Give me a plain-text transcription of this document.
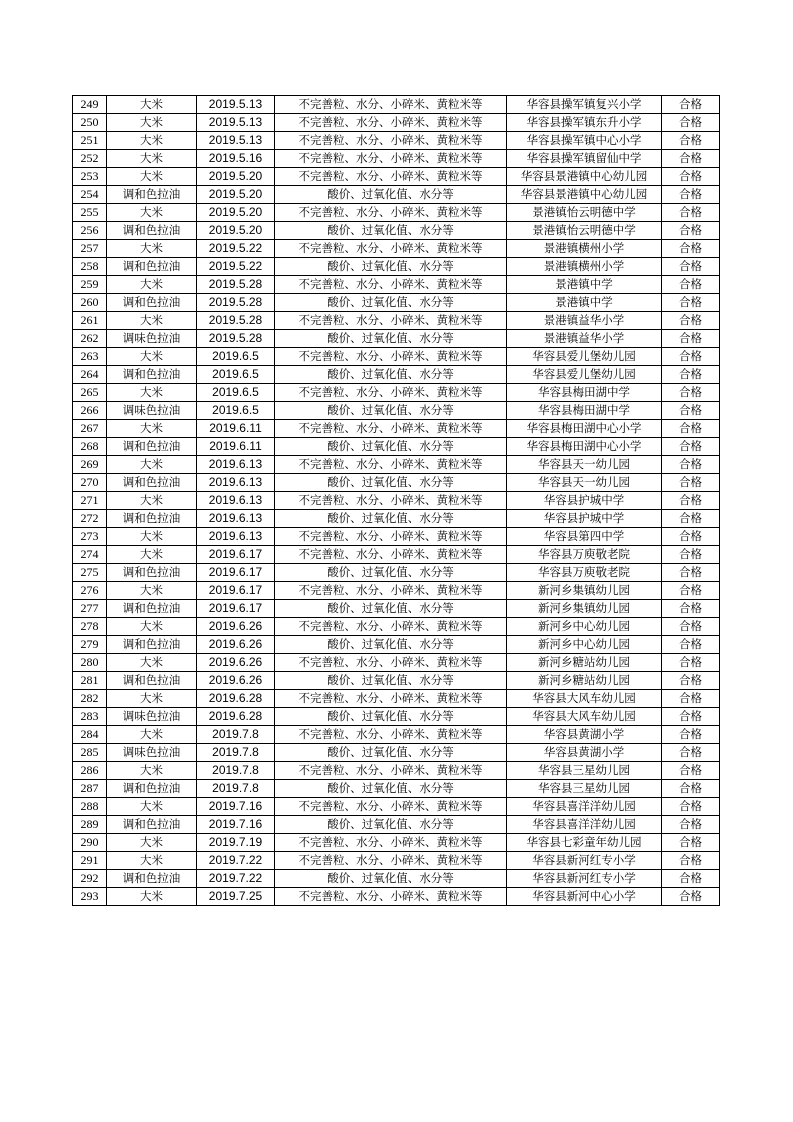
249	大米	2019.5.13	不完善粒、水分、小碎米、黄粒米等	华容县操军镇复兴小学	合格
250	大米	2019.5.13	不完善粒、水分、小碎米、黄粒米等	华容县操军镇东升小学	合格
251	大米	2019.5.13	不完善粒、水分、小碎米、黄粒米等	华容县操军镇中心小学	合格
252	大米	2019.5.16	不完善粒、水分、小碎米、黄粒米等	华容县操军镇留仙中学	合格
253	大米	2019.5.20	不完善粒、水分、小碎米、黄粒米等	华容县景港镇中心幼儿园	合格
254	调和色拉油	2019.5.20	酸价、过氧化值、水分等	华容县景港镇中心幼儿园	合格
255	大米	2019.5.20	不完善粒、水分、小碎米、黄粒米等	景港镇怡云明德中学	合格
256	调和色拉油	2019.5.20	酸价、过氧化值、水分等	景港镇怡云明德中学	合格
257	大米	2019.5.22	不完善粒、水分、小碎米、黄粒米等	景港镇横州小学	合格
258	调和色拉油	2019.5.22	酸价、过氧化值、水分等	景港镇横州小学	合格
259	大米	2019.5.28	不完善粒、水分、小碎米、黄粒米等	景港镇中学	合格
260	调和色拉油	2019.5.28	酸价、过氧化值、水分等	景港镇中学	合格
261	大米	2019.5.28	不完善粒、水分、小碎米、黄粒米等	景港镇益华小学	合格
262	调味色拉油	2019.5.28	酸价、过氧化值、水分等	景港镇益华小学	合格
263	大米	2019.6.5	不完善粒、水分、小碎米、黄粒米等	华容县爱儿堡幼儿园	合格
264	调和色拉油	2019.6.5	酸价、过氧化值、水分等	华容县爱儿堡幼儿园	合格
265	大米	2019.6.5	不完善粒、水分、小碎米、黄粒米等	华容县梅田湖中学	合格
266	调味色拉油	2019.6.5	酸价、过氧化值、水分等	华容县梅田湖中学	合格
267	大米	2019.6.11	不完善粒、水分、小碎米、黄粒米等	华容县梅田湖中心小学	合格
268	调和色拉油	2019.6.11	酸价、过氧化值、水分等	华容县梅田湖中心小学	合格
269	大米	2019.6.13	不完善粒、水分、小碎米、黄粒米等	华容县天一幼儿园	合格
270	调和色拉油	2019.6.13	酸价、过氧化值、水分等	华容县天一幼儿园	合格
271	大米	2019.6.13	不完善粒、水分、小碎米、黄粒米等	华容县护城中学	合格
272	调和色拉油	2019.6.13	酸价、过氧化值、水分等	华容县护城中学	合格
273	大米	2019.6.13	不完善粒、水分、小碎米、黄粒米等	华容县第四中学	合格
274	大米	2019.6.17	不完善粒、水分、小碎米、黄粒米等	华容县万庾敬老院	合格
275	调和色拉油	2019.6.17	酸价、过氧化值、水分等	华容县万庾敬老院	合格
276	大米	2019.6.17	不完善粒、水分、小碎米、黄粒米等	新河乡集镇幼儿园	合格
277	调和色拉油	2019.6.17	酸价、过氧化值、水分等	新河乡集镇幼儿园	合格
278	大米	2019.6.26	不完善粒、水分、小碎米、黄粒米等	新河乡中心幼儿园	合格
279	调和色拉油	2019.6.26	酸价、过氧化值、水分等	新河乡中心幼儿园	合格
280	大米	2019.6.26	不完善粒、水分、小碎米、黄粒米等	新河乡糖站幼儿园	合格
281	调和色拉油	2019.6.26	酸价、过氧化值、水分等	新河乡糖站幼儿园	合格
282	大米	2019.6.28	不完善粒、水分、小碎米、黄粒米等	华容县大风车幼儿园	合格
283	调味色拉油	2019.6.28	酸价、过氧化值、水分等	华容县大风车幼儿园	合格
284	大米	2019.7.8	不完善粒、水分、小碎米、黄粒米等	华容县黄湖小学	合格
285	调味色拉油	2019.7.8	酸价、过氧化值、水分等	华容县黄湖小学	合格
286	大米	2019.7.8	不完善粒、水分、小碎米、黄粒米等	华容县三星幼儿园	合格
287	调和色拉油	2019.7.8	酸价、过氧化值、水分等	华容县三星幼儿园	合格
288	大米	2019.7.16	不完善粒、水分、小碎米、黄粒米等	华容县喜洋洋幼儿园	合格
289	调和色拉油	2019.7.16	酸价、过氧化值、水分等	华容县喜洋洋幼儿园	合格
290	大米	2019.7.19	不完善粒、水分、小碎米、黄粒米等	华容县七彩童年幼儿园	合格
291	大米	2019.7.22	不完善粒、水分、小碎米、黄粒米等	华容县新河红专小学	合格
292	调和色拉油	2019.7.22	酸价、过氧化值、水分等	华容县新河红专小学	合格
293	大米	2019.7.25	不完善粒、水分、小碎米、黄粒米等	华容县新河中心小学	合格
